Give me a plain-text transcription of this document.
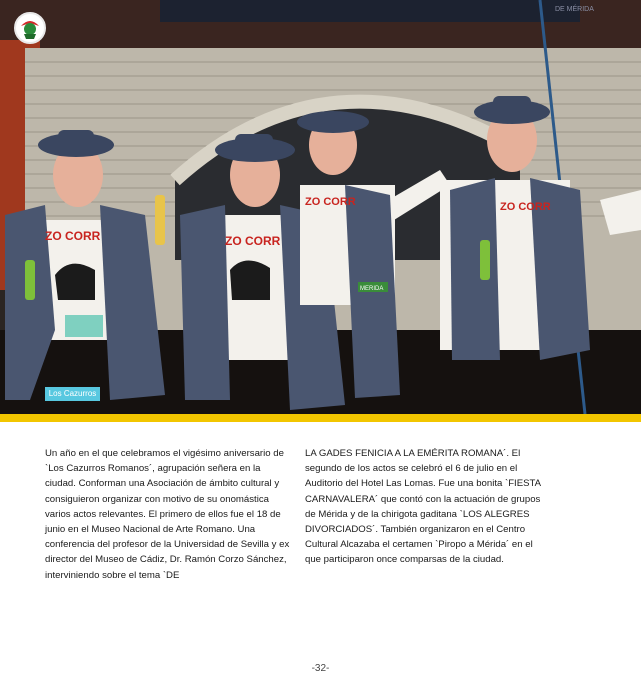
DE MÉRIDA
ZO CORR	ZO CORR
ZO CORR	ZO CORR
MERIDA
Los Cazurros
Un año en el que celebramos el vigésimo aniversario de `Los Cazurros Romanos´, agrupación señera en la ciudad. Conforman una Asociación de ámbito cultural y consiguieron organizar con motivo de su onomástica varios actos relevantes. El primero de ellos fue el 18 de junio en el Museo Nacional de Arte Romano. Una conferencia del profesor de la Universidad de Sevilla y ex director del Museo de Cádiz, Dr. Ramón Corzo Sánchez, interviniendo sobre el tema `DE
LA GADES FENICIA A LA EMÉRITA ROMANA´. El segundo de los actos se celebró el 6 de julio en el Auditorio del Hotel Las Lomas. Fue una bonita `FIESTA CARNAVALERA´ que contó con la actuación de grupos de Mérida y de la chirigota gaditana `LOS ALEGRES DIVORCIADOS´. También organizaron en el Centro Cultural Alcazaba el certamen `Piropo a Mérida´ en el que participaron once comparsas de la ciudad.
-32-
